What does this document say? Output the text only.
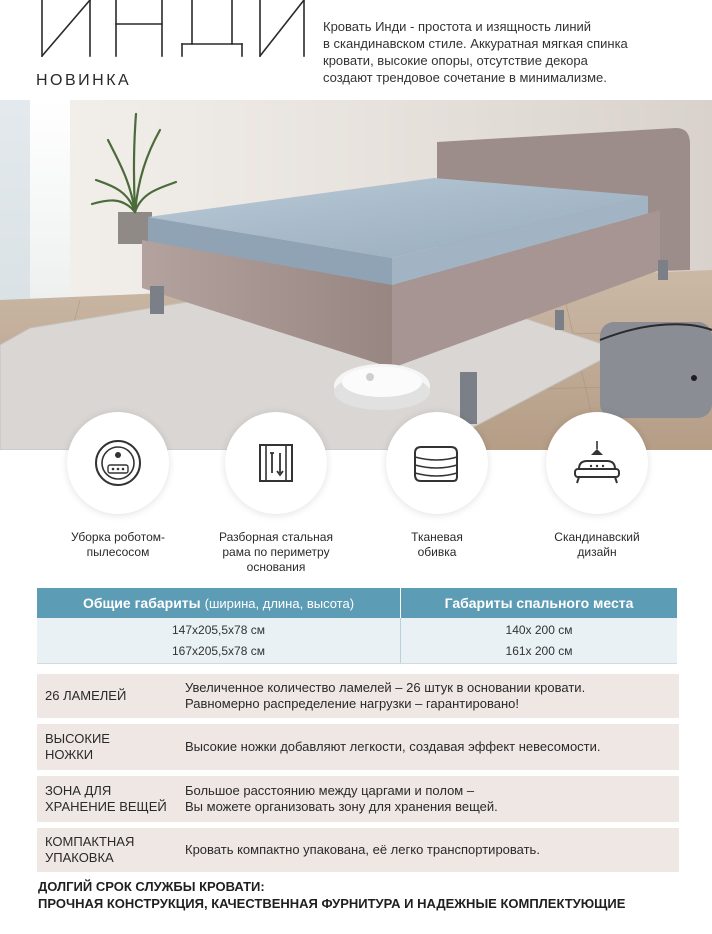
НОВИНКА
Кровать Инди - простота и изящность линий
в скандинавском стиле. Аккуратная мягкая спинка
кровати, высокие опоры, отсутствие декора
создают трендовое сочетание в минимализме.
Уборка роботом-
пылесосом
Разборная стальная
рама по периметру
основания
Тканевая
обивка
Скандинавский
дизайн
Общие габариты (ширина, длина, высота)	Габариты спального места
147x205,5x78 см
167x205,5x78 см
140x 200 см
161x 200 см
26 ЛАМЕЛЕЙ
Увеличенное количество ламелей – 26 штук в основании кровати.
Равномерно распределение нагрузки – гарантировано!
ВЫСОКИЕ
НОЖКИ
Высокие ножки добавляют легкости, создавая эффект невесомости.
ЗОНА ДЛЯ
ХРАНЕНИЕ ВЕЩЕЙ
Большое расстоянию между царгами и полом –
Вы можете организовать зону для хранения вещей.
КОМПАКТНАЯ
УПАКОВКА
Кровать компактно упакована, её легко транспортировать.
ДОЛГИЙ СРОК СЛУЖБЫ КРОВАТИ:
ПРОЧНАЯ КОНСТРУКЦИЯ, КАЧЕСТВЕННАЯ ФУРНИТУРА И НАДЕЖНЫЕ КОМПЛЕКТУЮЩИЕ
